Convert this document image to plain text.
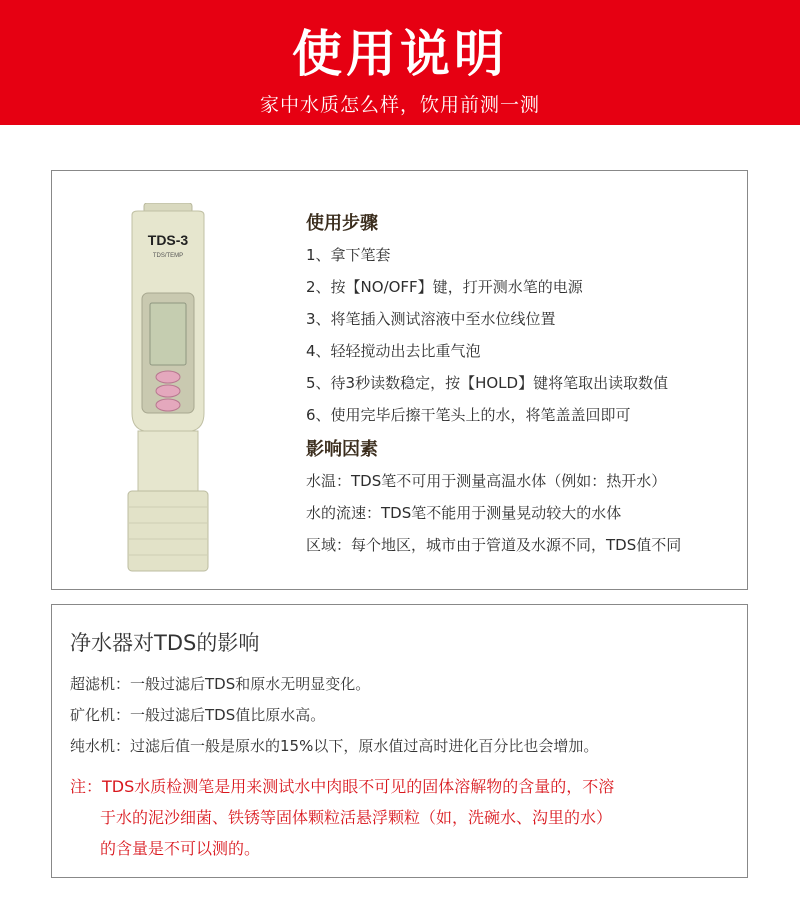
使用说明
家中水质怎么样，饮用前测一测
TDS-3
TDS/TEMP
使用步骤
1、拿下笔套
2、按【NO/OFF】键，打开测水笔的电源
3、将笔插入测试溶液中至水位线位置
4、轻轻搅动出去比重气泡
5、待3秒读数稳定，按【HOLD】键将笔取出读取数值
6、使用完毕后擦干笔头上的水，将笔盖盖回即可
影响因素
水温：TDS笔不可用于测量高温水体（例如：热开水）
水的流速：TDS笔不能用于测量晃动较大的水体
区域：每个地区，城市由于管道及水源不同，TDS值不同
净水器对TDS的影响
超滤机：一般过滤后TDS和原水无明显变化。
矿化机：一般过滤后TDS值比原水高。
纯水机：过滤后值一般是原水的15%以下，原水值过高时进化百分比也会增加。
注：TDS水质检测笔是用来测试水中肉眼不可见的固体溶解物的含量的，不溶
于水的泥沙细菌、铁锈等固体颗粒活悬浮颗粒（如，洗碗水、沟里的水）
的含量是不可以测的。
